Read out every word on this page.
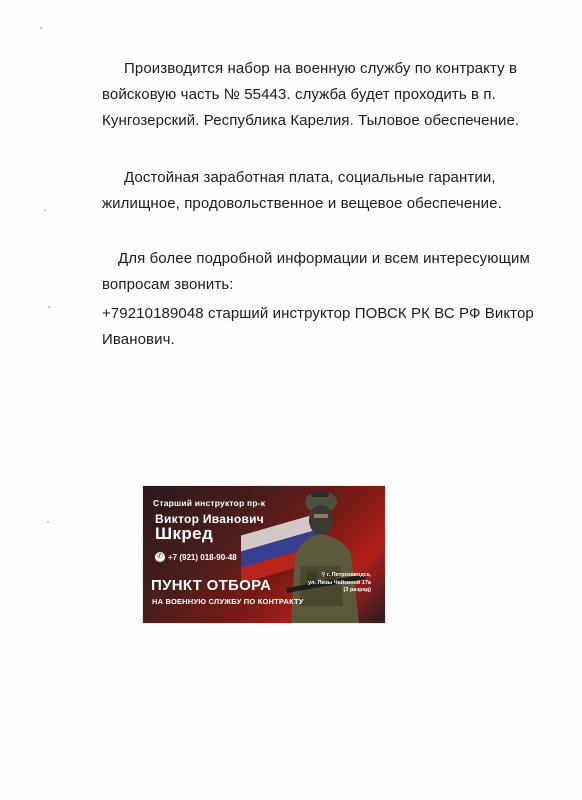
Производится набор на военную службу по контракту в войсковую часть № 55443. служба будет проходить в п. Кунгозерский. Республика Карелия. Тыловое обеспечение.
Достойная заработная плата, социальные гарантии, жилищное, продовольственное и вещевое обеспечение.
Для более подробной информации и всем интересующим вопросам звонить:
+79210189048 старший инструктор ПОВСК РК ВС РФ Виктор Иванович.
Старший инструктор пр-к
Виктор Иванович
Шкред
✆ +7 (921) 018-90-48
ПУНКТ ОТБОРА
НА ВОЕННУЮ СЛУЖБУ ПО КОНТРАКТУ
⚲ г. Петрозаводск,
ул. Лизы Чайкиной 17а
(3 разряд)
